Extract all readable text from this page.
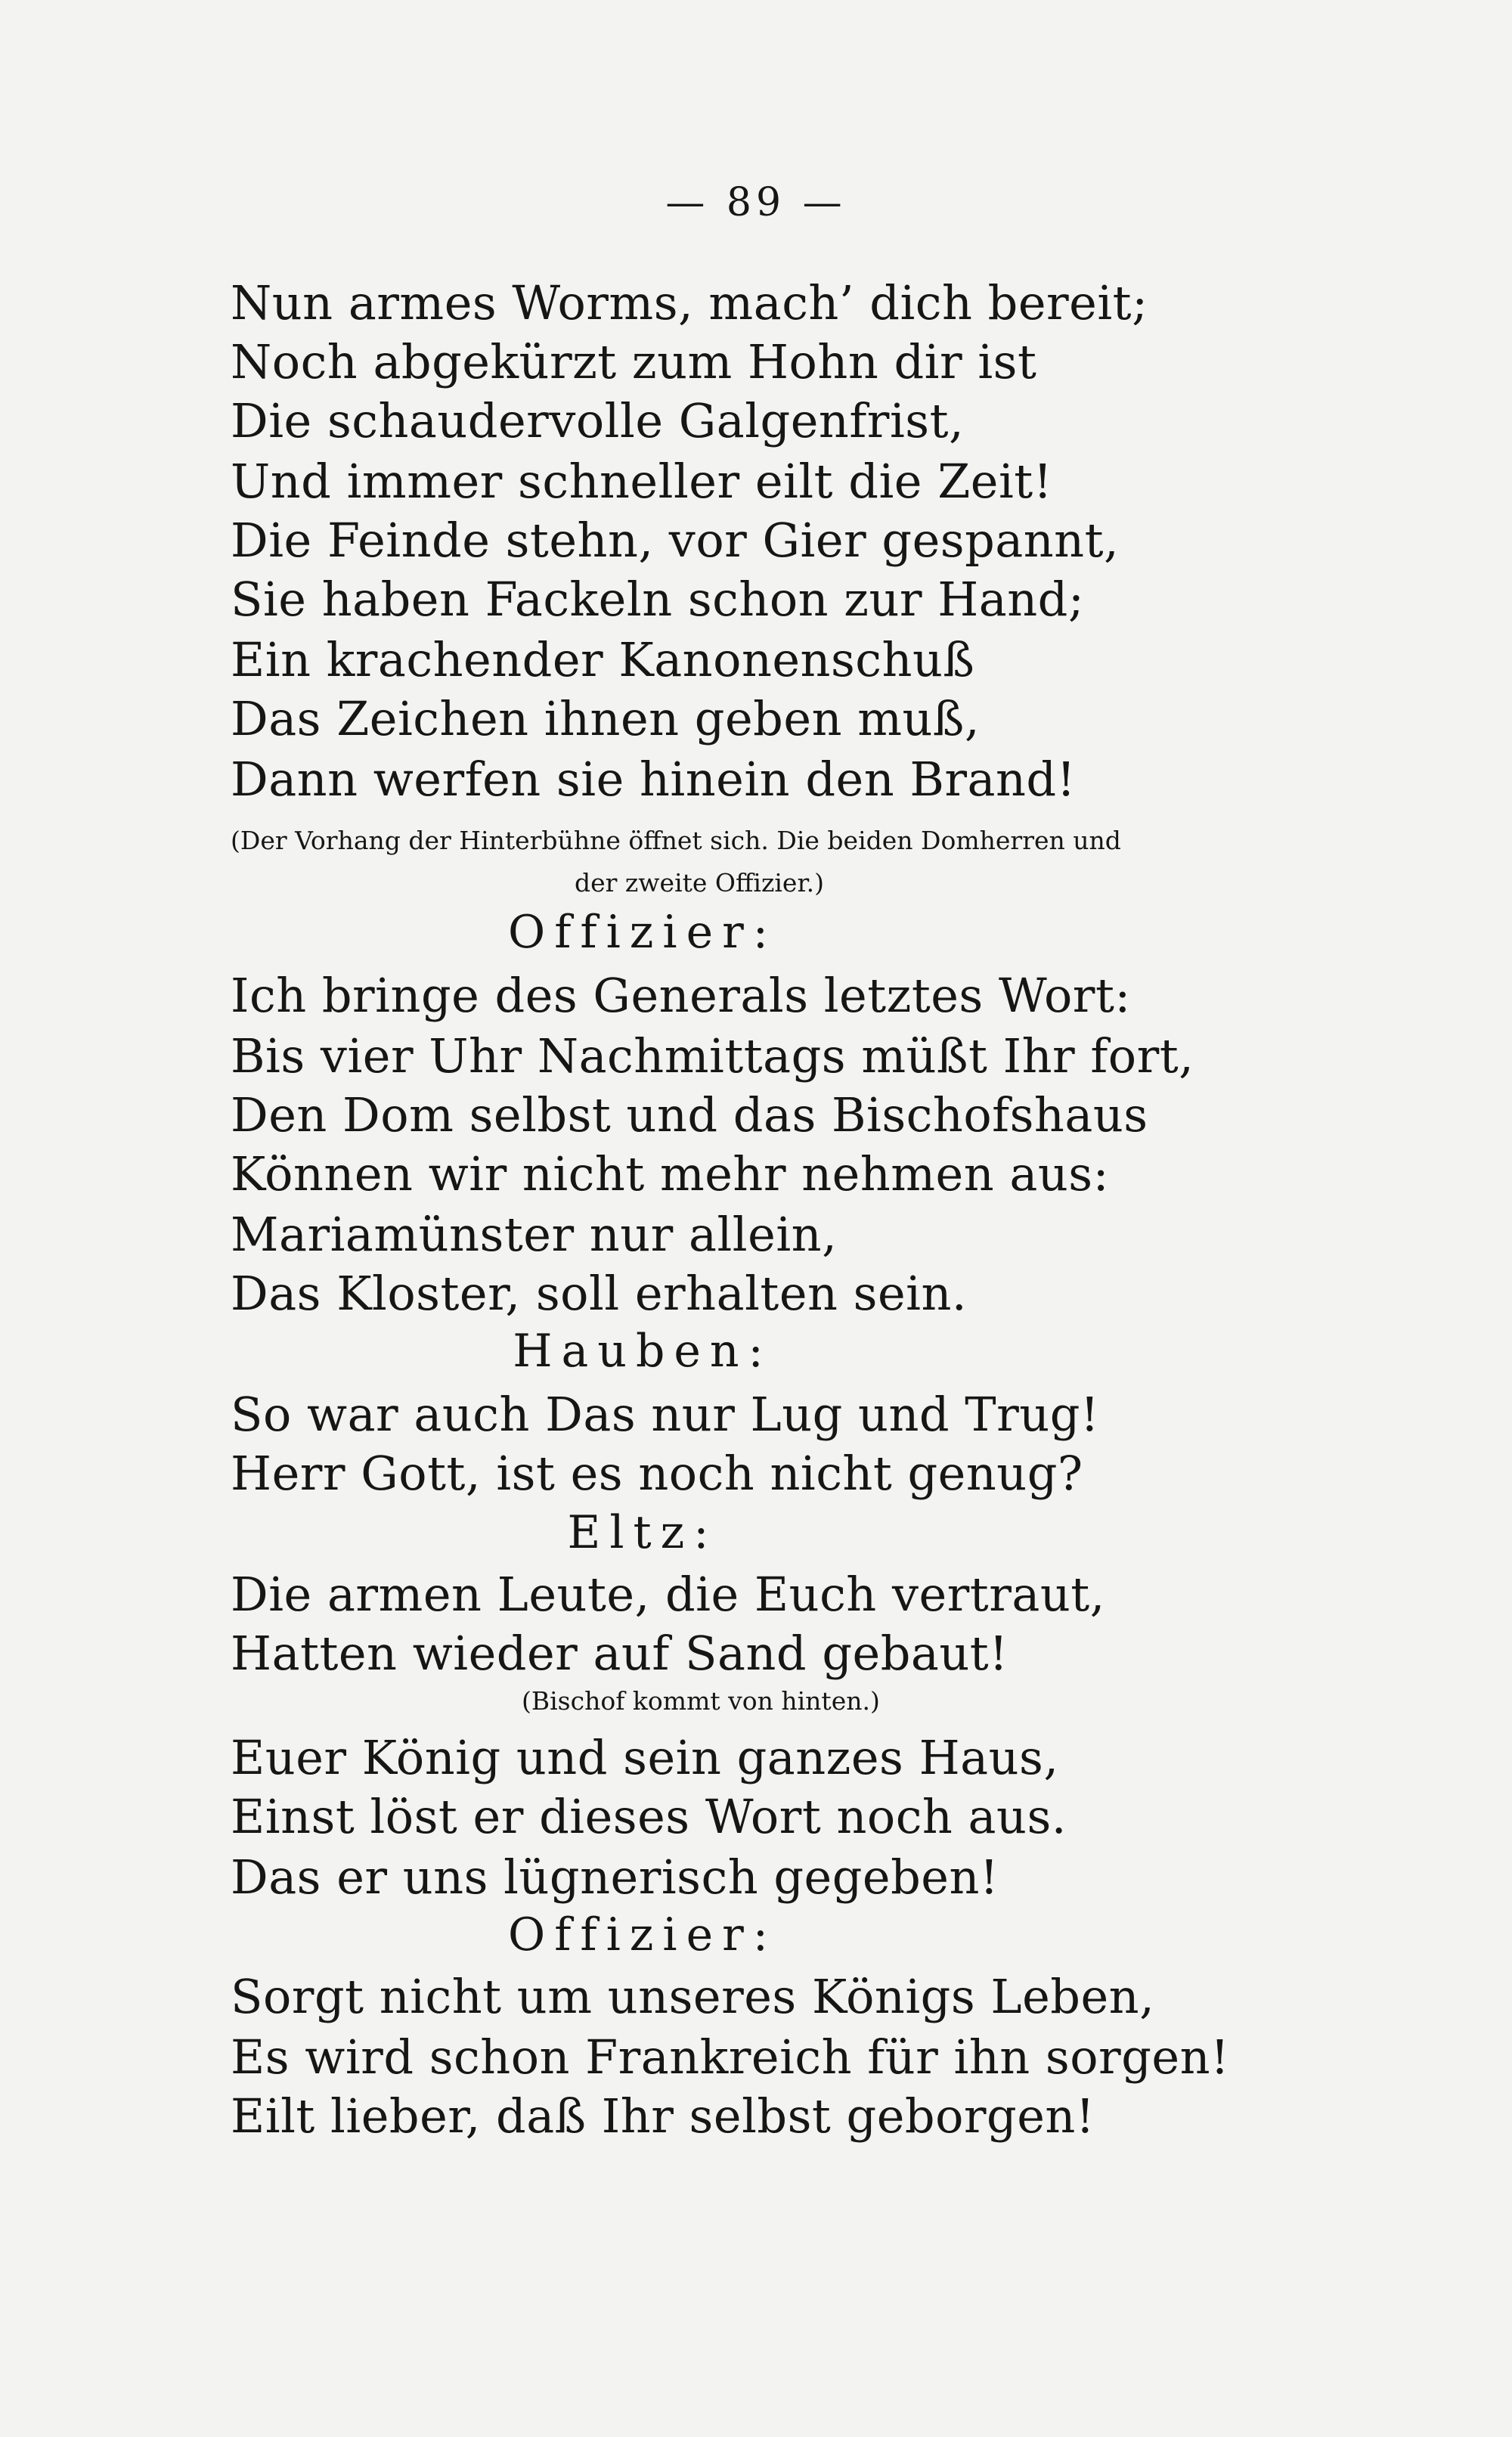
— 89 —
Nun armes Worms, mach’ dich bereit;
Noch abgekürzt zum Hohn dir ist
Die schaudervolle Galgenfrist,
Und immer schneller eilt die Zeit!
Die Feinde stehn, vor Gier gespannt,
Sie haben Fackeln schon zur Hand;
Ein krachender Kanonenschuß
Das Zeichen ihnen geben muß,
Dann werfen sie hinein den Brand!
(Der Vorhang der Hinterbühne öffnet sich. Die beiden Domherren und
der zweite Offizier.)
Offizier:
Ich bringe des Generals letztes Wort:
Bis vier Uhr Nachmittags müßt Ihr fort,
Den Dom selbst und das Bischofshaus
Können wir nicht mehr nehmen aus:
Mariamünster nur allein,
Das Kloster, soll erhalten sein.
Hauben:
So war auch Das nur Lug und Trug!
Herr Gott, ist es noch nicht genug?
Eltz:
Die armen Leute, die Euch vertraut,
Hatten wieder auf Sand gebaut!
(Bischof kommt von hinten.)
Euer König und sein ganzes Haus,
Einst löst er dieses Wort noch aus.
Das er uns lügnerisch gegeben!
Offizier:
Sorgt nicht um unseres Königs Leben,
Es wird schon Frankreich für ihn sorgen!
Eilt lieber, daß Ihr selbst geborgen!
